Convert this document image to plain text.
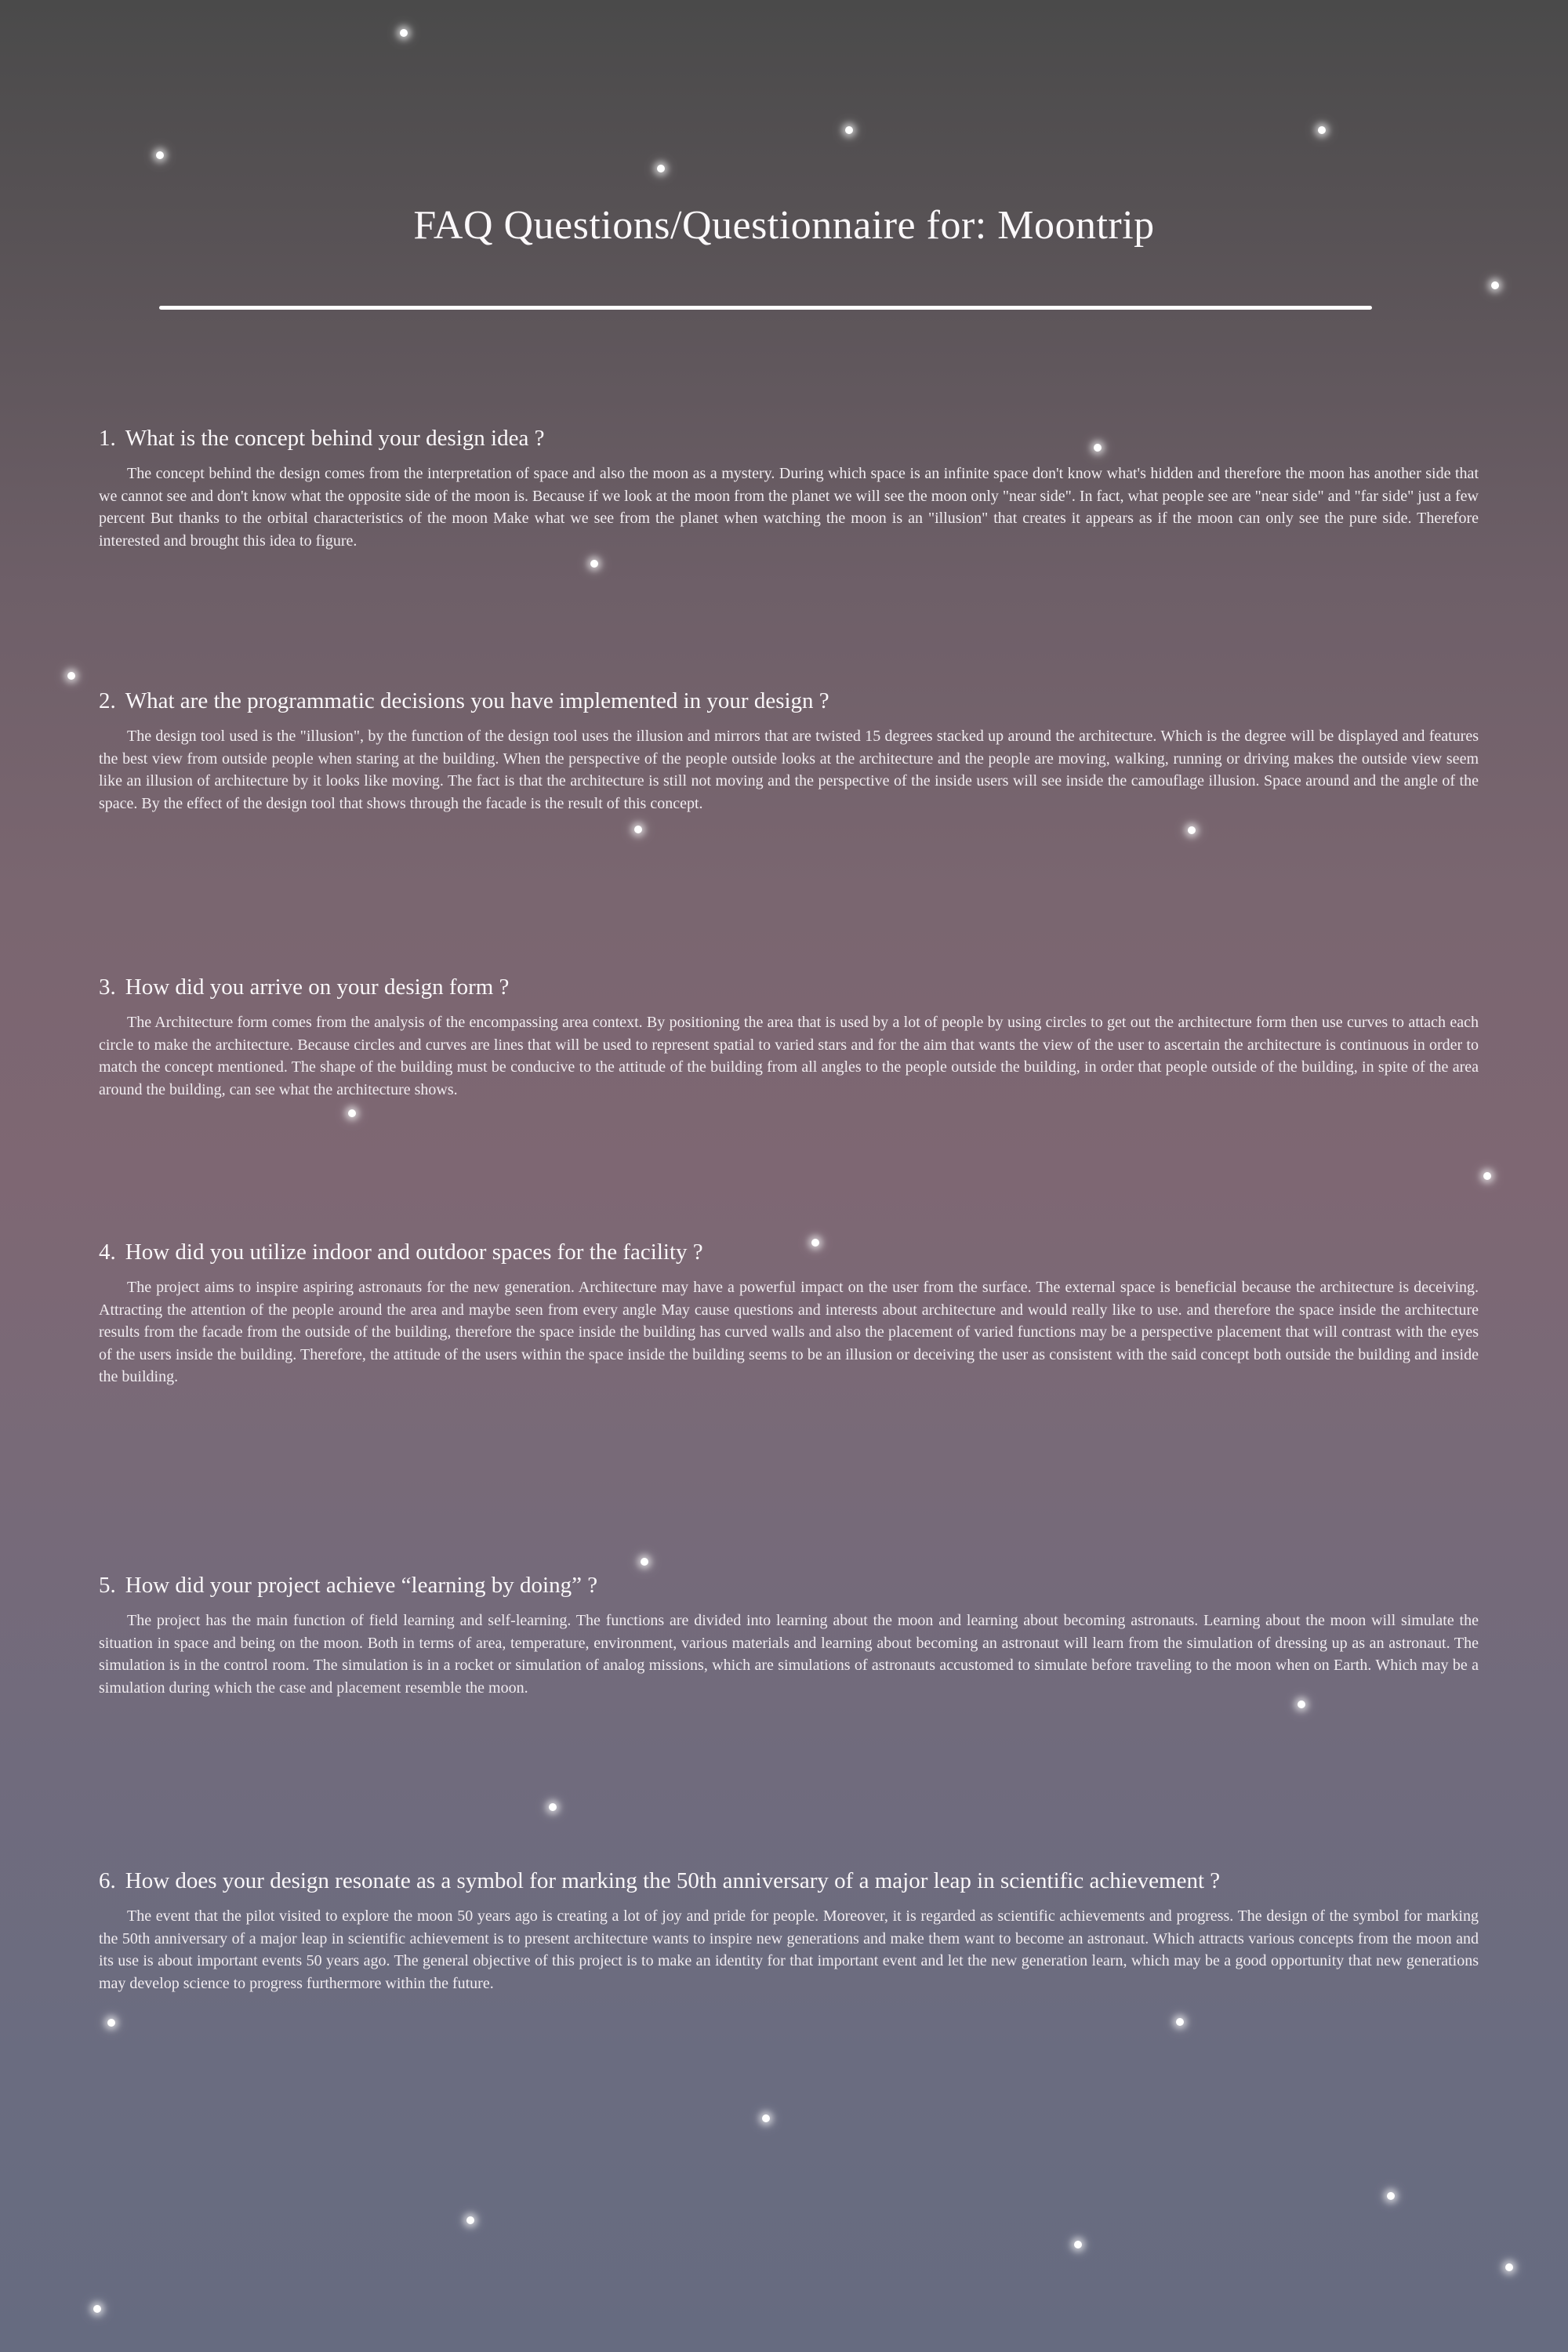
FAQ Questions/Questionnaire for: Moontrip
1. What is the concept behind your design idea ?

The concept behind the design comes from the interpretation of space and also the moon as a mystery. During which space is an infinite space don't know what's hidden and therefore the moon has another side that we cannot see and don't know what the opposite side of the moon is. Because if we look at the moon from the planet we will see the moon only "near side". In fact, what people see are "near side" and "far side" just a few percent But thanks to the orbital characteristics of the moon Make what we see from the planet when watching the moon is an "illusion" that creates it appears as if the moon can only see the pure side. Therefore interested and brought this idea to figure.

2. What are the programmatic decisions you have implemented in your design ?

The design tool used is the "illusion", by the function of the design tool uses the illusion and mirrors that are twisted 15 degrees stacked up around the architecture. Which is the degree will be displayed and features the best view from outside people when staring at the building. When the perspective of the people outside looks at the architecture and the people are moving, walking, running or driving makes the outside view seem like an illusion of architecture by it looks like moving. The fact is that the architecture is still not moving and the perspective of the inside users will see inside the camouflage illusion. Space around and the angle of the space. By the effect of the design tool that shows through the facade is the result of this concept.

3. How did you arrive on your design form ?

The Architecture form comes from the analysis of the encompassing area context. By positioning the area that is used by a lot of people by using circles to get out the architecture form then use curves to attach each circle to make the architecture. Because circles and curves are lines that will be used to represent spatial to varied stars and for the aim that wants the view of the user to ascertain the architecture is continuous in order to match the concept mentioned. The shape of the building must be conducive to the attitude of the building from all angles to the people outside the building, in order that people outside of the building, in spite of the area around the building, can see what the architecture shows.

4. How did you utilize indoor and outdoor spaces for the facility ?

The project aims to inspire aspiring astronauts for the new generation. Architecture may have a powerful impact on the user from the surface. The external space is beneficial because the architecture is deceiving. Attracting the attention of the people around the area and maybe seen from every angle May cause questions and interests about architecture and would really like to use. and therefore the space inside the architecture results from the facade from the outside of the building, therefore the space inside the building has curved walls and also the placement of varied functions may be a perspective placement that will contrast with the eyes of the users inside the building. Therefore, the attitude of the users within the space inside the building seems to be an illusion or deceiving the user as consistent with the said concept both outside the building and inside the building.

5. How did your project achieve “learning by doing” ?

The project has the main function of field learning and self-learning. The functions are divided into learning about the moon and learning about becoming astronauts. Learning about the moon will simulate the situation in space and being on the moon. Both in terms of area, temperature, environment, various materials and learning about becoming an astronaut will learn from the simulation of dressing up as an astronaut. The simulation is in the control room. The simulation is in a rocket or simulation of analog missions, which are simulations of astronauts accustomed to simulate before traveling to the moon when on Earth. Which may be a simulation during which the case and placement resemble the moon.

6. How does your design resonate as a symbol for marking the 50th anniversary of a major leap in scientific achievement ?

The event that the pilot visited to explore the moon 50 years ago is creating a lot of joy and pride for people. Moreover, it is regarded as scientific achievements and progress. The design of the symbol for marking the 50th anniversary of a major leap in scientific achievement is to present architecture wants to inspire new generations and make them want to become an astronaut. Which attracts various concepts from the moon and its use is about important events 50 years ago. The general objective of this project is to make an identity for that important event and let the new generation learn, which may be a good opportunity that new generations may develop science to progress furthermore within the future.
